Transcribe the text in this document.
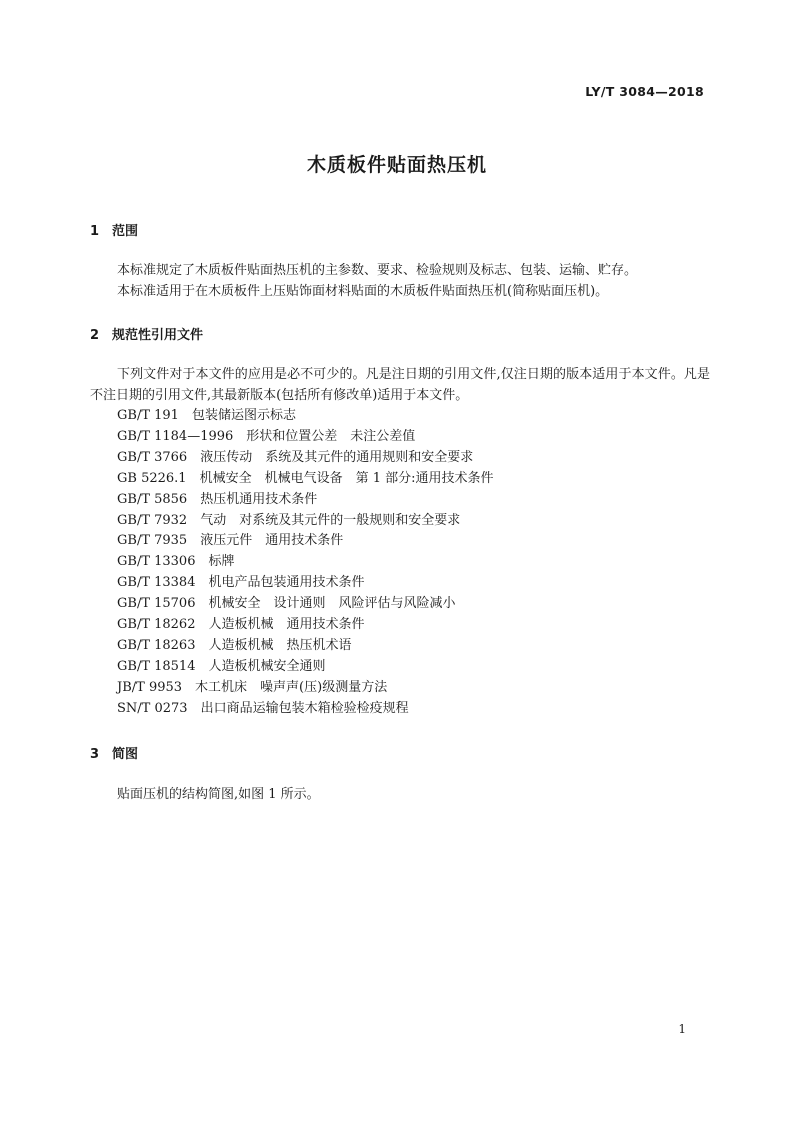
LY/T 3084—2018
木质板件贴面热压机
1 范围

本标准规定了木质板件贴面热压机的主参数、要求、检验规则及标志、包装、运输、贮存。

本标准适用于在木质板件上压贴饰面材料贴面的木质板件贴面热压机(简称贴面压机)。

2 规范性引用文件

下列文件对于本文件的应用是必不可少的。凡是注日期的引用文件,仅注日期的版本适用于本文件。凡是不注日期的引用文件,其最新版本(包括所有修改单)适用于本文件。

GB/T 191 包装储运图示标志
GB/T 1184—1996 形状和位置公差　未注公差值
GB/T 3766 液压传动　系统及其元件的通用规则和安全要求
GB 5226.1 机械安全　机械电气设备　第 1 部分:通用技术条件
GB/T 5856 热压机通用技术条件
GB/T 7932 气动　对系统及其元件的一般规则和安全要求
GB/T 7935 液压元件　通用技术条件
GB/T 13306 标牌
GB/T 13384 机电产品包装通用技术条件
GB/T 15706 机械安全　设计通则　风险评估与风险减小
GB/T 18262 人造板机械　通用技术条件
GB/T 18263 人造板机械　热压机术语
GB/T 18514 人造板机械安全通则
JB/T 9953 木工机床　噪声声(压)级测量方法
SN/T 0273 出口商品运输包装木箱检验检疫规程
3 简图

贴面压机的结构简图,如图 1 所示。

1
